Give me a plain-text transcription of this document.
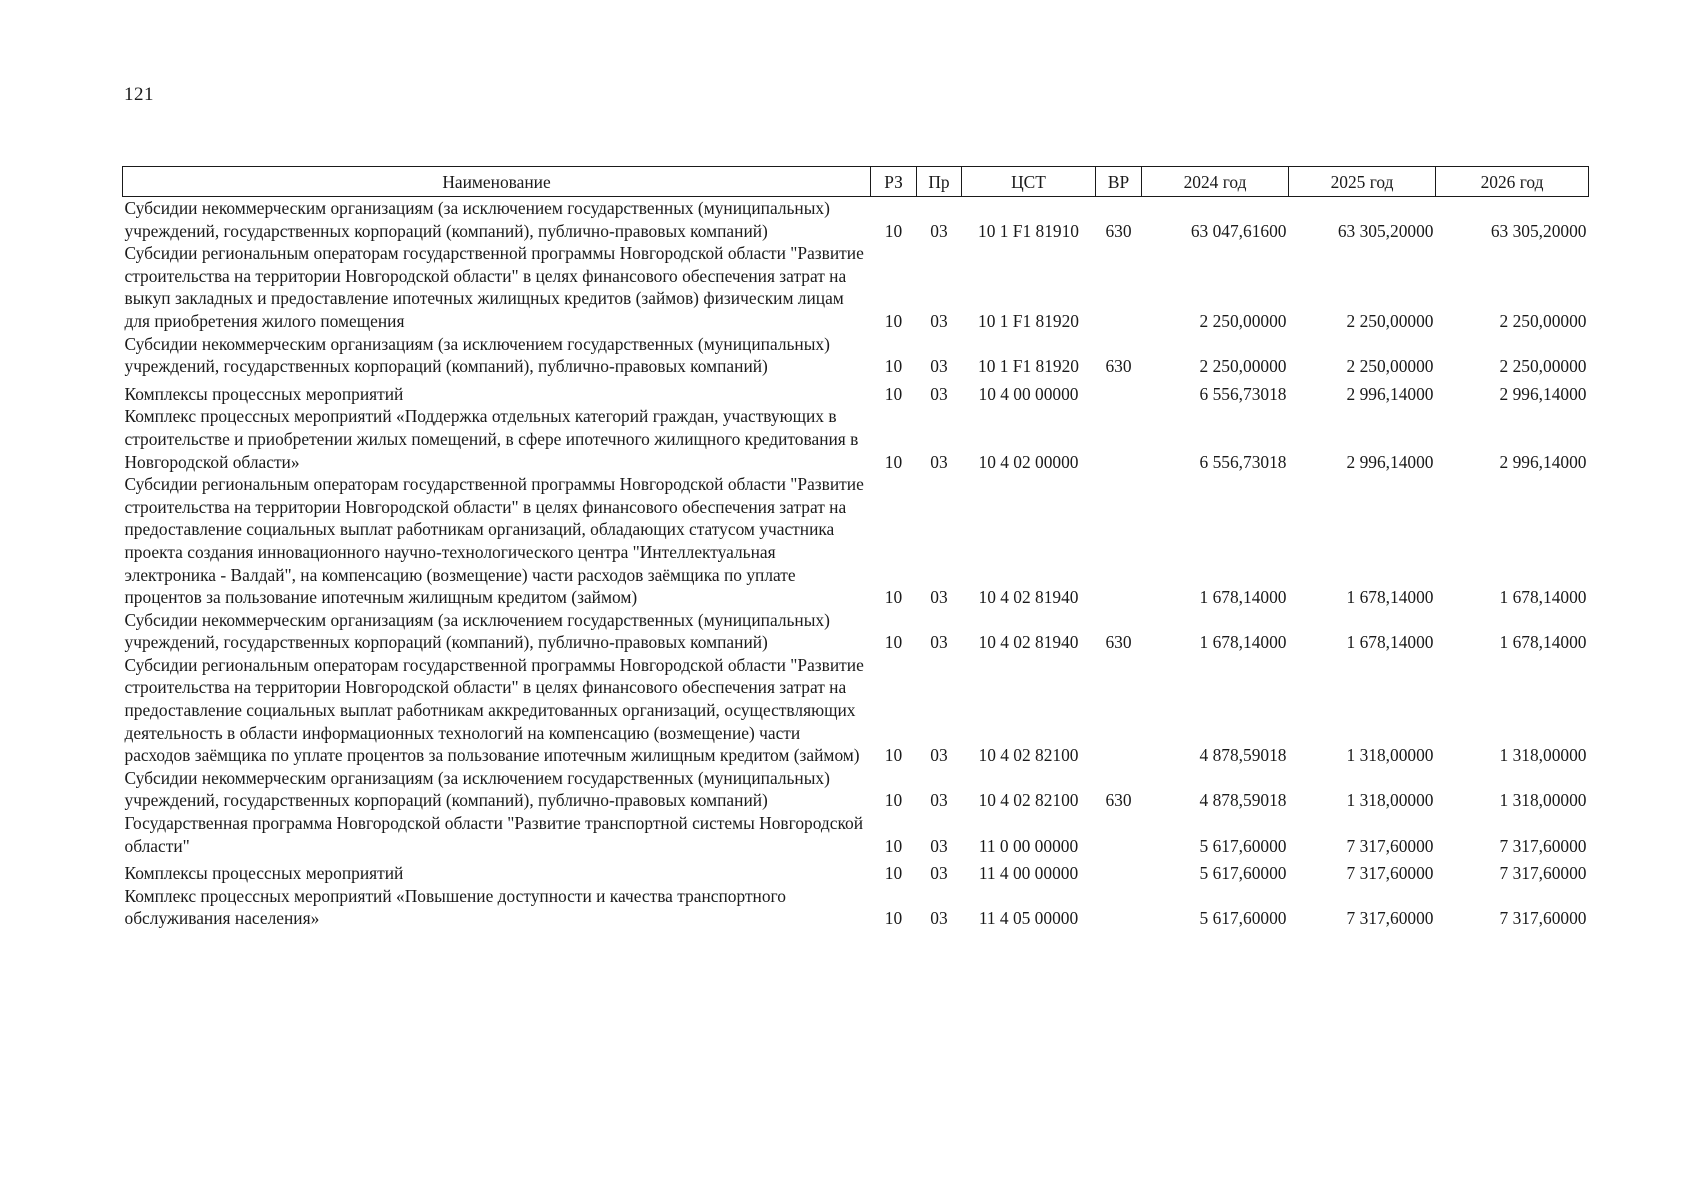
121
Наименование	РЗ	Пр	ЦСТ	ВР	2024 год	2025 год	2026 год
Субсидии некоммерческим организациям (за исключением государственных (муниципальных) учреждений, государственных корпораций (компаний), публично-правовых компаний)	10	03	10 1 F1 81910	630	63 047,61600	63 305,20000	63 305,20000
Субсидии региональным операторам государственной программы Новгородской области "Развитие строительства на территории Новгородской области" в целях финансового обеспечения затрат на выкуп закладных и предоставление ипотечных жилищных кредитов (займов) физическим лицам для приобретения жилого помещения	10	03	10 1 F1 81920		2 250,00000	2 250,00000	2 250,00000
Субсидии некоммерческим организациям (за исключением государственных (муниципальных) учреждений, государственных корпораций (компаний), публично-правовых компаний)	10	03	10 1 F1 81920	630	2 250,00000	2 250,00000	2 250,00000
Комплексы процессных мероприятий	10	03	10 4 00 00000		6 556,73018	2 996,14000	2 996,14000
Комплекс процессных мероприятий «Поддержка отдельных категорий граждан, участвующих в строительстве и приобретении жилых помещений, в сфере ипотечного жилищного кредитования в Новгородской области»	10	03	10 4 02 00000		6 556,73018	2 996,14000	2 996,14000
Субсидии региональным операторам государственной программы Новгородской области "Развитие строительства на территории Новгородской области" в целях финансового обеспечения затрат на предоставление социальных выплат работникам организаций, обладающих статусом участника проекта создания инновационного научно-технологического центра "Интеллектуальная электроника - Валдай", на компенсацию (возмещение) части расходов заёмщика по уплате процентов за пользование ипотечным жилищным кредитом (займом)	10	03	10 4 02 81940		1 678,14000	1 678,14000	1 678,14000
Субсидии некоммерческим организациям (за исключением государственных (муниципальных) учреждений, государственных корпораций (компаний), публично-правовых компаний)	10	03	10 4 02 81940	630	1 678,14000	1 678,14000	1 678,14000
Субсидии региональным операторам государственной программы Новгородской области "Развитие строительства на территории Новгородской области" в целях финансового обеспечения затрат на предоставление социальных выплат работникам аккредитованных организаций, осуществляющих деятельность в области информационных технологий на компенсацию (возмещение) части расходов заёмщика по уплате процентов за пользование ипотечным жилищным кредитом (займом)	10	03	10 4 02 82100		4 878,59018	1 318,00000	1 318,00000
Субсидии некоммерческим организациям (за исключением государственных (муниципальных) учреждений, государственных корпораций (компаний), публично-правовых компаний)	10	03	10 4 02 82100	630	4 878,59018	1 318,00000	1 318,00000
Государственная программа Новгородской области "Развитие транспортной системы Новгородской области"	10	03	11 0 00 00000		5 617,60000	7 317,60000	7 317,60000
Комплексы процессных мероприятий	10	03	11 4 00 00000		5 617,60000	7 317,60000	7 317,60000
Комплекс процессных мероприятий «Повышение доступности и качества транспортного обслуживания населения»	10	03	11 4 05 00000		5 617,60000	7 317,60000	7 317,60000
